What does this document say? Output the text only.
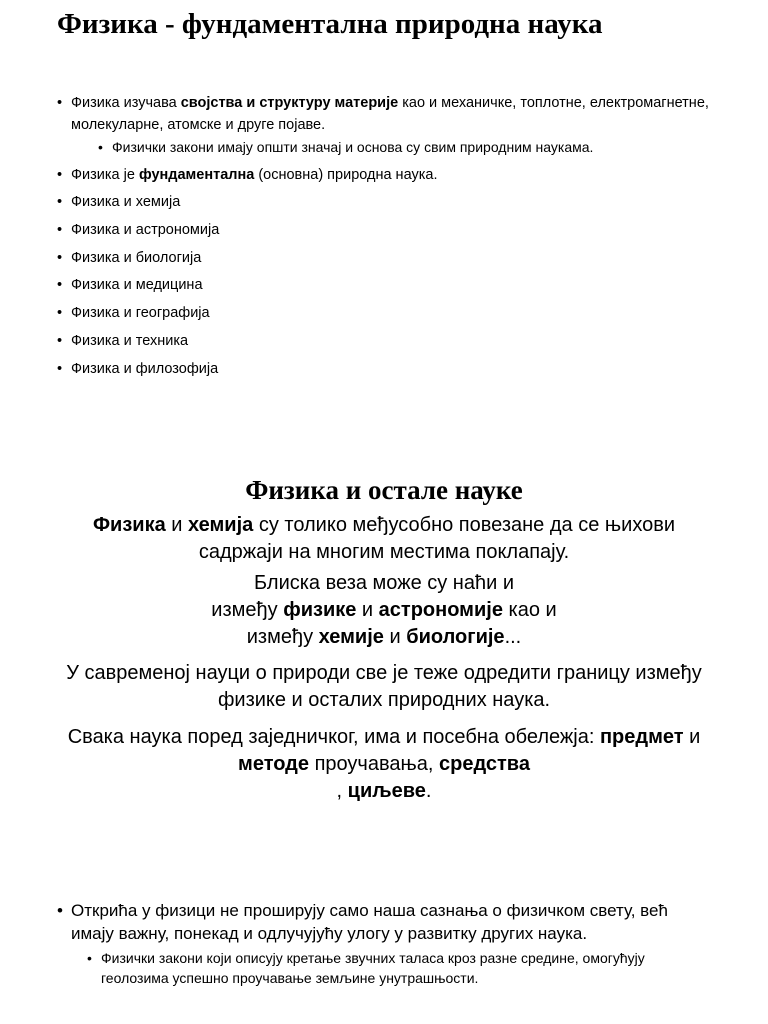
Физика - фундаментална природна наука
• Физика изучава својства и структуру материје као и механичке, топлотне, електромагнетне, молекуларне, атомске и друге појаве.
• Физички закони имају општи значај и основа су свим природним наукама.
• Физика је фундаментална (основна) природна наука.
• Физика и хемија
• Физика и астрономија
• Физика и биологија
• Физика и медицина
• Физика и географија
• Физика и техника
• Физика и филозофија
Физика и остале науке

Физика и хемија су толико међусобно повезане да се њихови садржаји на многим местима поклапају.

Блиска веза може су наћи и

између физике и астрономије као и

између хемије и биологије...

У савременој науци о природи све је теже одредити границу између физике и осталих природних наука.

Свака наука поред заједничког, има и посебна обележја: предмет и методе проучавања, средства
, циљеве.

• Открића у физици не проширују само наша сазнања о физичком свету, већ имају важну, понекад и одлучујућу улогу у развитку других наука.
• Физички закони који описују кретање звучних таласа кроз разне средине, омогућују геолозима успешно проучавање земљине унутрашњости.
